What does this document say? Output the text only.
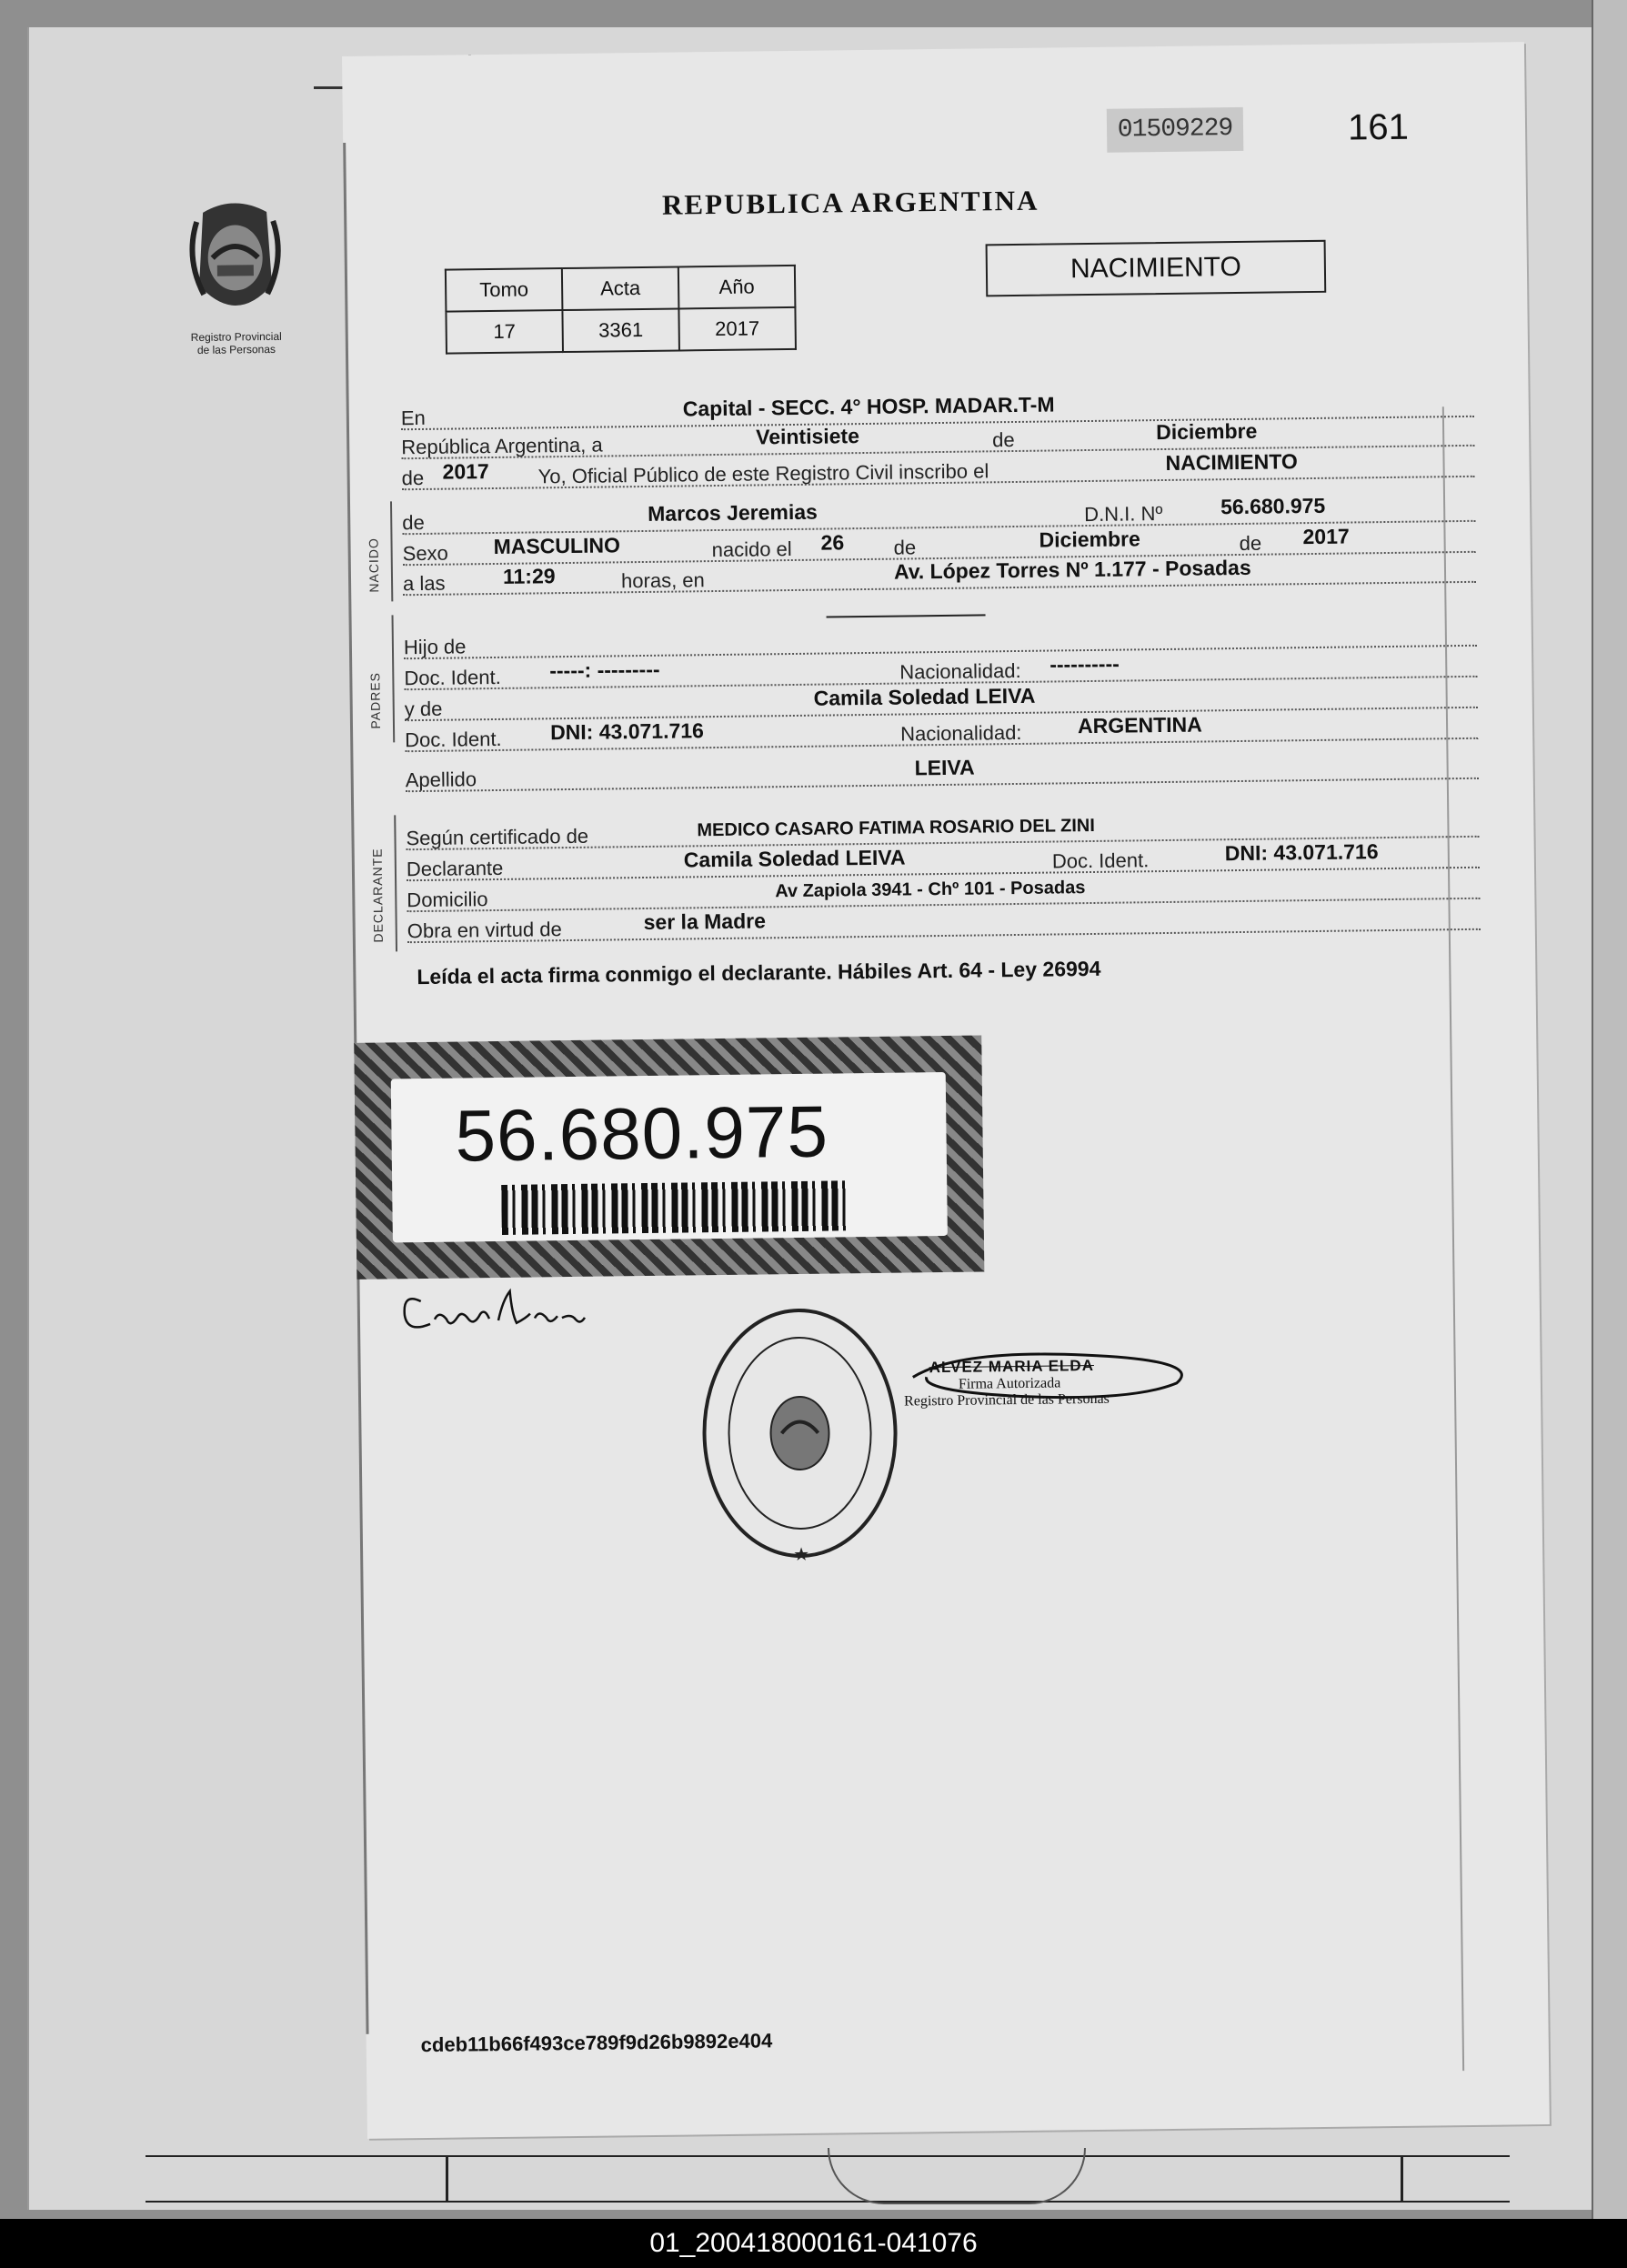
01509229	161
Registro Provincial
de las Personas
REPUBLICA ARGENTINA
Tomo	Acta	Año
17	3361	2017
NACIMIENTO
En	Capital - SECC. 4° HOSP. MADAR.T-M
República Argentina, a	Veintisiete	de	Diciembre
de 2017 Yo, Oficial Público de este Registro Civil inscribo el	NACIMIENTO
NACIDO
de	Marcos Jeremias	D.N.I. Nº	56.680.975
Sexo MASCULINO	nacido el 26 de	Diciembre	de 2017
a las	11:29	horas, en	Av. López Torres Nº 1.177 - Posadas
PADRES
Hijo de
Doc. Ident. -----: ---------	Nacionalidad: ----------
y de	Camila Soledad LEIVA
Doc. Ident. DNI: 43.071.716	Nacionalidad:	ARGENTINA
Apellido	LEIVA
DECLARANTE
Según certificado de	MEDICO CASARO FATIMA ROSARIO DEL ZINI
Declarante	Camila Soledad LEIVA	Doc. Ident.	DNI: 43.071.716
Domicilio	Av Zapiola 3941 - Chº 101 - Posadas
Obra en virtud de	ser la Madre
Leída el acta firma conmigo el declarante. Hábiles Art. 64 - Ley 26994
56.680.975
★
ALVEZ MARIA ELDA
Firma Autorizada
Registro Provincial de las Personas
cdeb11b66f493ce789f9d26b9892e404
01_200418000161-041076
